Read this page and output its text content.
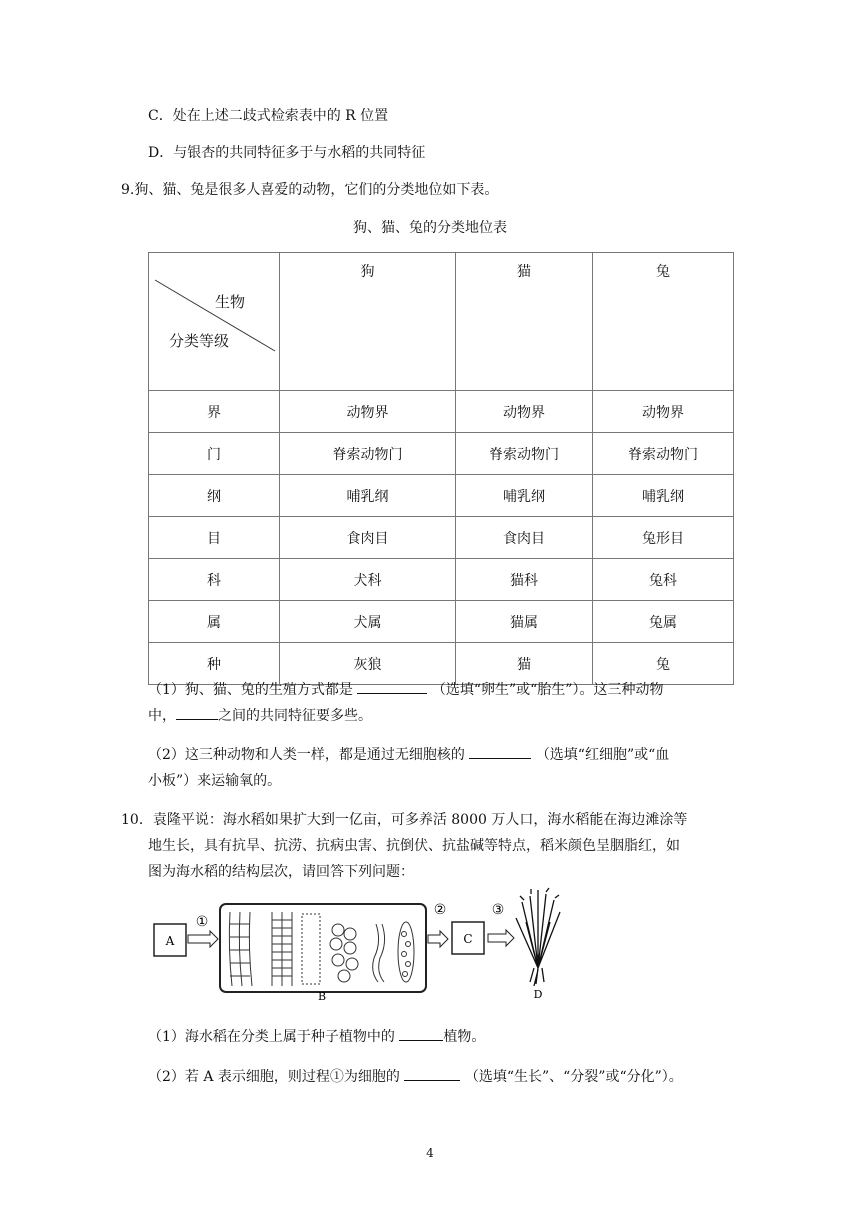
C．处在上述二歧式检索表中的 R 位置
D．与银杏的共同特征多于与水稻的共同特征
9.狗、猫、兔是很多人喜爱的动物，它们的分类地位如下表。
狗、猫、兔的分类地位表
生物
分类等级	狗	猫	兔
界	动物界	动物界	动物界
门	脊索动物门	脊索动物门	脊索动物门
纲	哺乳纲	哺乳纲	哺乳纲
目	食肉目	食肉目	兔形目
科	犬科	猫科	兔科
属	犬属	猫属	兔属
种	灰狼	猫	兔
（1）狗、猫、兔的生殖方式都是	（选填“卵生”或“胎生”）。这三种动物
中，	之间的共同特征要多些。
（2）这三种动物和人类一样，都是通过无细胞核的	（选填“红细胞”或“血
小板”）来运输氧的。
10．袁隆平说：海水稻如果扩大到一亿亩，可多养活 8000 万人口，海水稻能在海边滩涂等
地生长，具有抗旱、抗涝、抗病虫害、抗倒伏、抗盐碱等特点，稻米颜色呈胭脂红，如
图为海水稻的结构层次，请回答下列问题：
A
①
B
②
C
③
D
（1）海水稻在分类上属于种子植物中的	植物。
（2）若 A 表示细胞，则过程①为细胞的	（选填“生长”、“分裂”或“分化”）。
4
